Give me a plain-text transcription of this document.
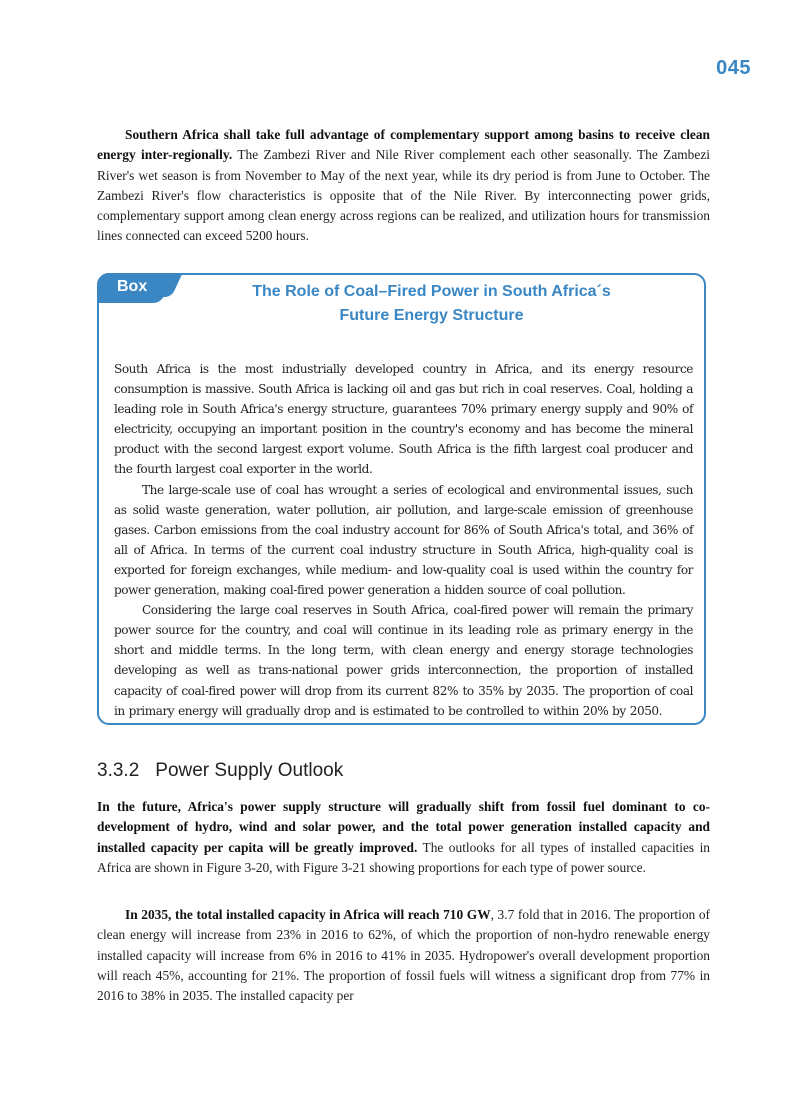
045

Southern Africa shall take full advantage of complementary support among basins to receive clean energy inter-regionally. The Zambezi River and Nile River complement each other seasonally. The Zambezi River's wet season is from November to May of the next year, while its dry period is from June to October. The Zambezi River's flow characteristics is opposite that of the Nile River. By interconnecting power grids, complementary support among clean energy across regions can be realized, and utilization hours for transmission lines connected can exceed 5200 hours.

Box	The Role of Coal–Fired Power in South Africa´s
Future Energy Structure

South Africa is the most industrially developed country in Africa, and its energy resource consumption is massive. South Africa is lacking oil and gas but rich in coal reserves. Coal, holding a leading role in South Africa's energy structure, guarantees 70% primary energy supply and 90% of electricity, occupying an important position in the country's economy and has become the mineral product with the second largest export volume. South Africa is the fifth largest coal producer and the fourth largest coal exporter in the world.

The large-scale use of coal has wrought a series of ecological and environmental issues, such as solid waste generation, water pollution, air pollution, and large-scale emission of greenhouse gases. Carbon emissions from the coal industry account for 86% of South Africa's total, and 36% of all of Africa. In terms of the current coal industry structure in South Africa, high-quality coal is exported for foreign exchanges, while medium- and low-quality coal is used within the country for power generation, making coal-fired power generation a hidden source of coal pollution.

Considering the large coal reserves in South Africa, coal-fired power will remain the primary power source for the country, and coal will continue in its leading role as primary energy in the short and middle terms. In the long term, with clean energy and energy storage technologies developing as well as trans-national power grids interconnection, the proportion of installed capacity of coal-fired power will drop from its current 82% to 35% by 2035. The proportion of coal in primary energy will gradually drop and is estimated to be controlled to within 20% by 2050.

3.3.2 Power Supply Outlook

In the future, Africa's power supply structure will gradually shift from fossil fuel dominant to co-development of hydro, wind and solar power, and the total power generation installed capacity and installed capacity per capita will be greatly improved. The outlooks for all types of installed capacities in Africa are shown in Figure 3-20, with Figure 3-21 showing proportions for each type of power source.

In 2035, the total installed capacity in Africa will reach 710 GW, 3.7 fold that in 2016. The proportion of clean energy will increase from 23% in 2016 to 62%, of which the proportion of non-hydro renewable energy installed capacity will increase from 6% in 2016 to 41% in 2035. Hydropower's overall development proportion will reach 45%, accounting for 21%. The proportion of fossil fuels will witness a significant drop from 77% in 2016 to 38% in 2035. The installed capacity per
